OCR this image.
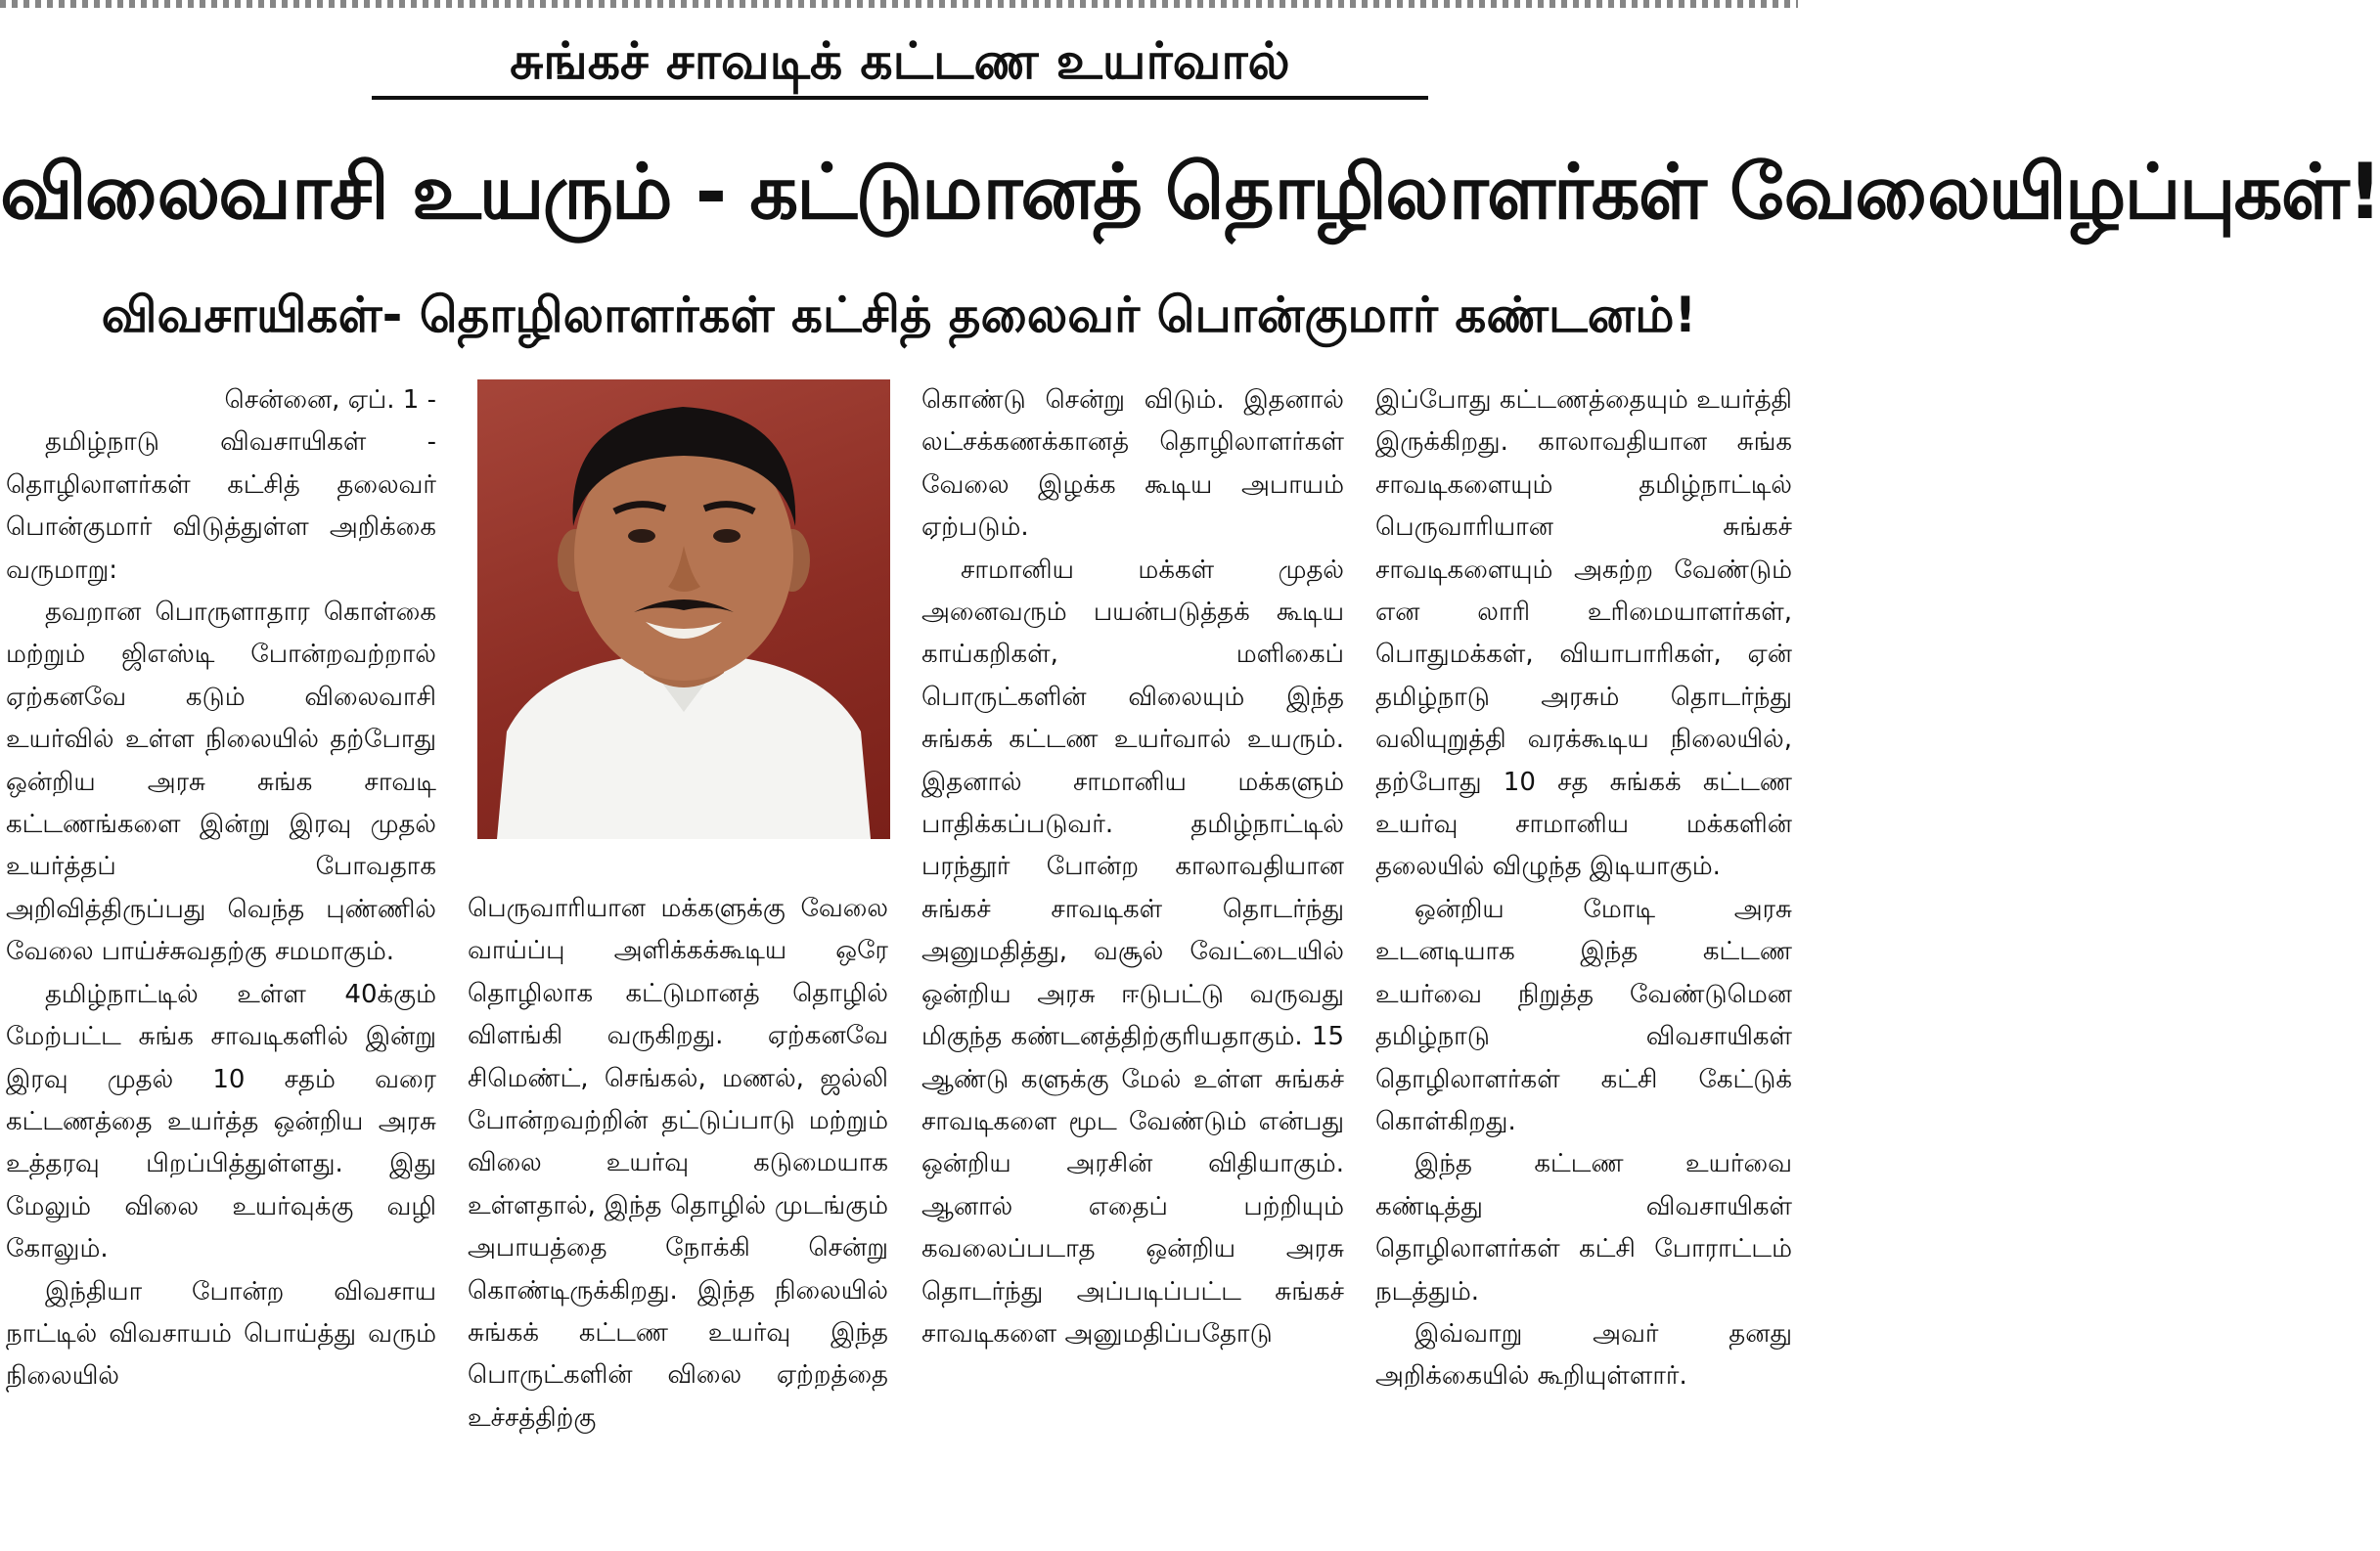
சுங்கச் சாவடிக் கட்டண உயர்வால்
விலைவாசி உயரும் - கட்டுமானத் தொழிலாளர்கள் வேலையிழப்புகள்!
விவசாயிகள்- தொழிலாளர்கள் கட்சித் தலைவர் பொன்குமார் கண்டனம்!

சென்னை, ஏப். 1 -

தமிழ்நாடு விவசாயிகள் - தொழிலாளர்கள் கட்சித் தலைவர் பொன்குமார் விடுத்துள்ள அறிக்கை வருமாறு:

தவறான பொருளாதார கொள்கை மற்றும் ஜிஎஸ்டி போன்றவற்றால் ஏற்கனவே கடும் விலைவாசி உயர்வில் உள்ள நிலையில் தற்போது ஒன்றிய அரசு சுங்க சாவடி கட்டணங்களை இன்று இரவு முதல் உயர்த்தப் போவதாக அறிவித்திருப்பது வெந்த புண்ணில் வேலை பாய்ச்சுவதற்கு சமமாகும்.

தமிழ்நாட்டில் உள்ள 40க்கும் மேற்பட்ட சுங்க சாவடிகளில் இன்று இரவு முதல் 10 சதம் வரை கட்டணத்தை உயர்த்த ஒன்றிய அரசு உத்தரவு பிறப்பித்துள்ளது. இது மேலும் விலை உயர்வுக்கு வழி கோலும்.

இந்தியா போன்ற விவசாய நாட்டில் விவசாயம் பொய்த்து வரும் நிலையில்

பெருவாரியான மக்களுக்கு வேலை வாய்ப்பு அளிக்கக்கூடிய ஒரே தொழிலாக கட்டுமானத் தொழில் விளங்கி வருகிறது. ஏற்கனவே சிமெண்ட், செங்கல், மணல், ஜல்லி போன்றவற்றின் தட்டுப்பாடு மற்றும் விலை உயர்வு கடுமையாக உள்ளதால், இந்த தொழில் முடங்கும் அபாயத்தை நோக்கி சென்று கொண்டிருக்கிறது. இந்த நிலையில் சுங்கக் கட்டண உயர்வு இந்த பொருட்களின் விலை ஏற்றத்தை உச்சத்திற்கு

கொண்டு சென்று விடும். இதனால் லட்சக்கணக்கானத் தொழிலாளர்கள் வேலை இழக்க கூடிய அபாயம் ஏற்படும்.

சாமானிய மக்கள் முதல் அனைவரும் பயன்படுத்தக் கூடிய காய்கறிகள், மளிகைப் பொருட்களின் விலையும் இந்த சுங்கக் கட்டண உயர்வால் உயரும். இதனால் சாமானிய மக்களும் பாதிக்கப்படுவர். தமிழ்நாட்டில் பரந்தூர் போன்ற காலாவதியான சுங்கச் சாவடிகள் தொடர்ந்து அனுமதித்து, வசூல் வேட்டையில் ஒன்றிய அரசு ஈடுபட்டு வருவது மிகுந்த கண்டனத்திற்குரியதாகும். 15 ஆண்டு களுக்கு மேல் உள்ள சுங்கச் சாவடிகளை மூட வேண்டும் என்பது ஒன்றிய அரசின் விதியாகும். ஆனால் எதைப் பற்றியும் கவலைப்படாத ஒன்றிய அரசு தொடர்ந்து அப்படிப்பட்ட சுங்கச் சாவடிகளை அனுமதிப்பதோடு

இப்போது கட்டணத்தையும் உயர்த்தி இருக்கிறது. காலாவதியான சுங்க சாவடிகளையும் தமிழ்நாட்டில் பெருவாரியான சுங்கச் சாவடிகளையும் அகற்ற வேண்டும் என லாரி உரிமையாளர்கள், பொதுமக்கள், வியாபாரிகள், ஏன் தமிழ்நாடு அரசும் தொடர்ந்து வலியுறுத்தி வரக்கூடிய நிலையில், தற்போது 10 சத சுங்கக் கட்டண உயர்வு சாமானிய மக்களின் தலையில் விழுந்த இடியாகும்.

ஒன்றிய மோடி அரசு உடனடியாக இந்த கட்டண உயர்வை நிறுத்த வேண்டுமென தமிழ்நாடு விவசாயிகள் தொழிலாளர்கள் கட்சி கேட்டுக் கொள்கிறது.

இந்த கட்டண உயர்வை கண்டித்து விவசாயிகள் தொழிலாளர்கள் கட்சி போராட்டம் நடத்தும்.

இவ்வாறு அவர் தனது அறிக்கையில் கூறியுள்ளார்.
